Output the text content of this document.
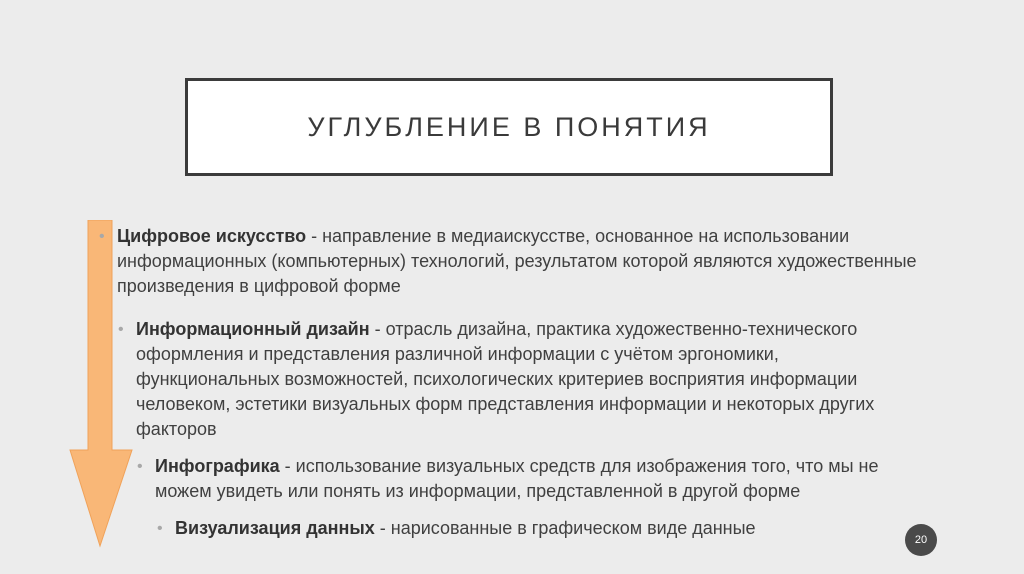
УГЛУБЛЕНИЕ В ПОНЯТИЯ
• Цифровое искусство - направление в медиаискусстве, основанное на использовании информационных (компьютерных) технологий, результатом которой являются художественные произведения в цифровой форме
• Информационный дизайн - отрасль дизайна, практика художественно-технического оформления и представления различной информации с учётом эргономики, функциональных возможностей, психологических критериев восприятия информации человеком, эстетики визуальных форм представления информации и некоторых других факторов
• Инфографика - использование визуальных средств для изображения того, что мы не можем увидеть или понять из информации, представленной в другой форме
• Визуализация данных - нарисованные в графическом виде данные
20
